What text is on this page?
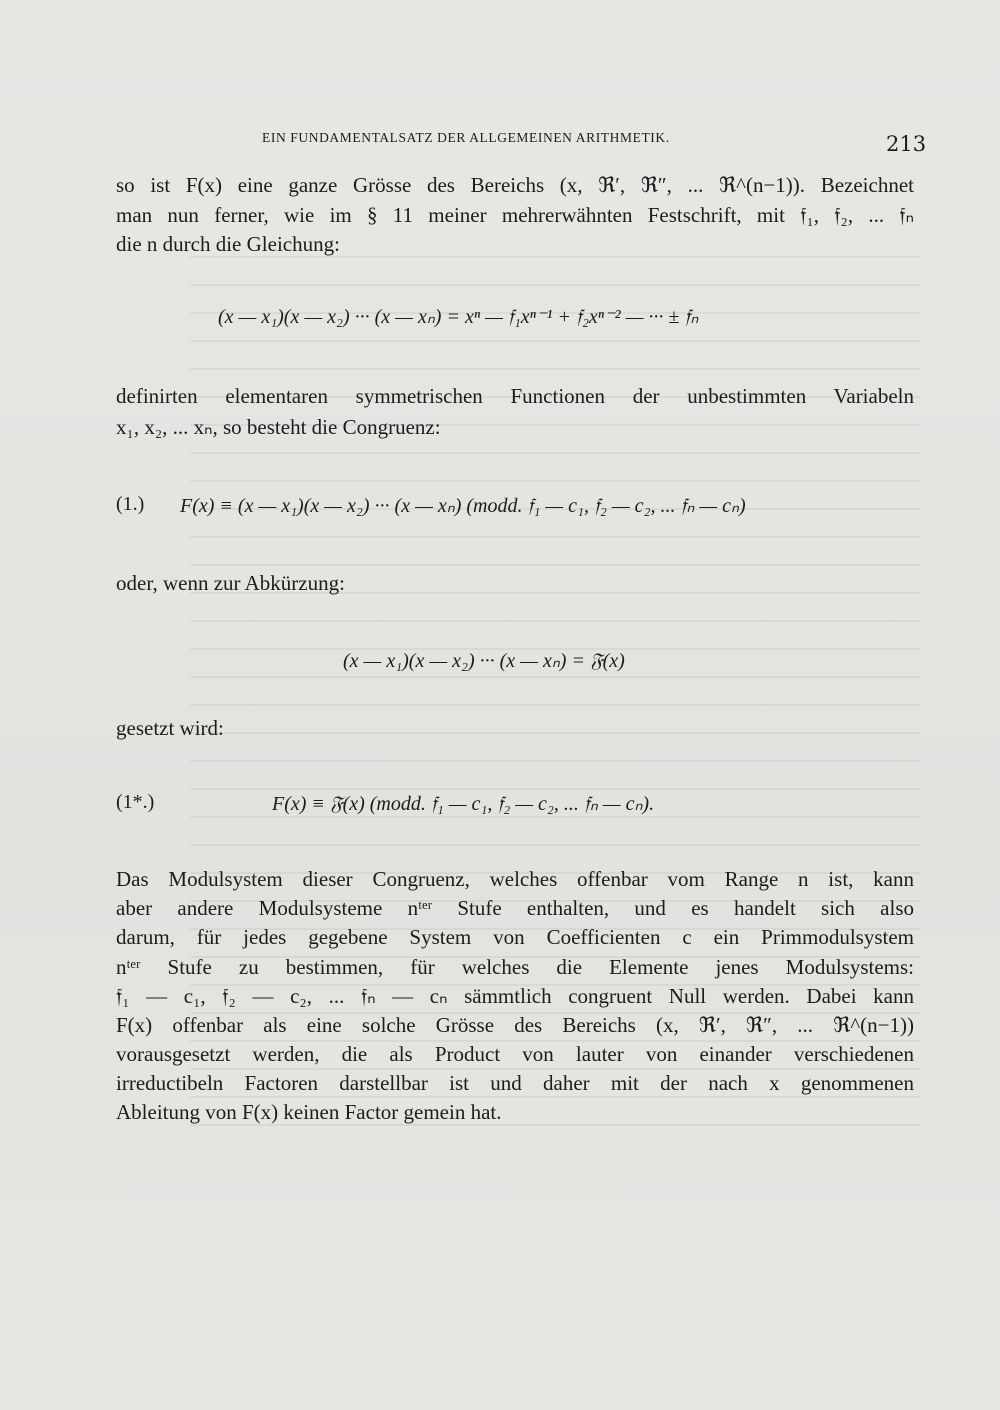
EIN FUNDAMENTALSATZ DER ALLGEMEINEN ARITHMETIK.	213
so ist F(x) eine ganze Grösse des Bereichs (x, ℜ′, ℜ″, ... ℜ^(n−1)). Bezeichnet
man nun ferner, wie im § 11 meiner mehrerwähnten Festschrift, mit 𝔣₁, 𝔣₂, ... 𝔣ₙ
die n durch die Gleichung:
(x — x₁)(x — x₂) ··· (x — xₙ) = xⁿ — 𝔣₁xⁿ⁻¹ + 𝔣₂xⁿ⁻² — ··· ± 𝔣ₙ
definirten elementaren symmetrischen Functionen der unbestimmten Variabeln
x₁, x₂, ... xₙ, so besteht die Congruenz:
(1.) F(x) ≡ (x — x₁)(x — x₂) ··· (x — xₙ) (modd. 𝔣₁ — c₁, 𝔣₂ — c₂, ... 𝔣ₙ — cₙ)
oder, wenn zur Abkürzung:
(x — x₁)(x — x₂) ··· (x — xₙ) = 𝔉(x)
gesetzt wird:
(1*.)	F(x) ≡ 𝔉(x) (modd. 𝔣₁ — c₁, 𝔣₂ — c₂, ... 𝔣ₙ — cₙ).
Das Modulsystem dieser Congruenz, welches offenbar vom Range n ist, kann
aber andere Modulsysteme nᵗᵉʳ Stufe enthalten, und es handelt sich also
darum, für jedes gegebene System von Coefficienten c ein Primmodulsystem
nᵗᵉʳ Stufe zu bestimmen, für welches die Elemente jenes Modulsystems:
𝔣₁ — c₁, 𝔣₂ — c₂, ... 𝔣ₙ — cₙ sämmtlich congruent Null werden. Dabei kann
F(x) offenbar als eine solche Grösse des Bereichs (x, ℜ′, ℜ″, ... ℜ^(n−1))
vorausgesetzt werden, die als Product von lauter von einander verschiedenen
irreductibeln Factoren darstellbar ist und daher mit der nach x genommenen
Ableitung von F(x) keinen Factor gemein hat.
